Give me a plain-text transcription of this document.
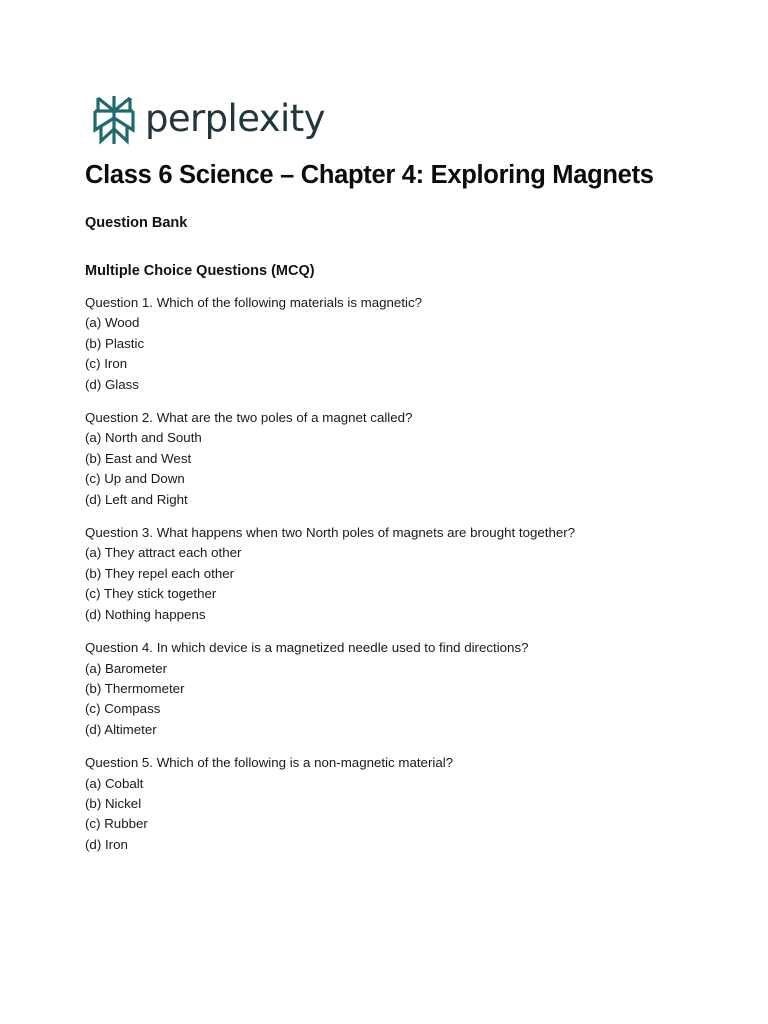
perplexity
Class 6 Science – Chapter 4: Exploring Magnets
Question Bank
Multiple Choice Questions (MCQ)
Question 1. Which of the following materials is magnetic?
(a) Wood
(b) Plastic
(c) Iron
(d) Glass
Question 2. What are the two poles of a magnet called?
(a) North and South
(b) East and West
(c) Up and Down
(d) Left and Right
Question 3. What happens when two North poles of magnets are brought together?
(a) They attract each other
(b) They repel each other
(c) They stick together
(d) Nothing happens
Question 4. In which device is a magnetized needle used to find directions?
(a) Barometer
(b) Thermometer
(c) Compass
(d) Altimeter
Question 5. Which of the following is a non-magnetic material?
(a) Cobalt
(b) Nickel
(c) Rubber
(d) Iron
